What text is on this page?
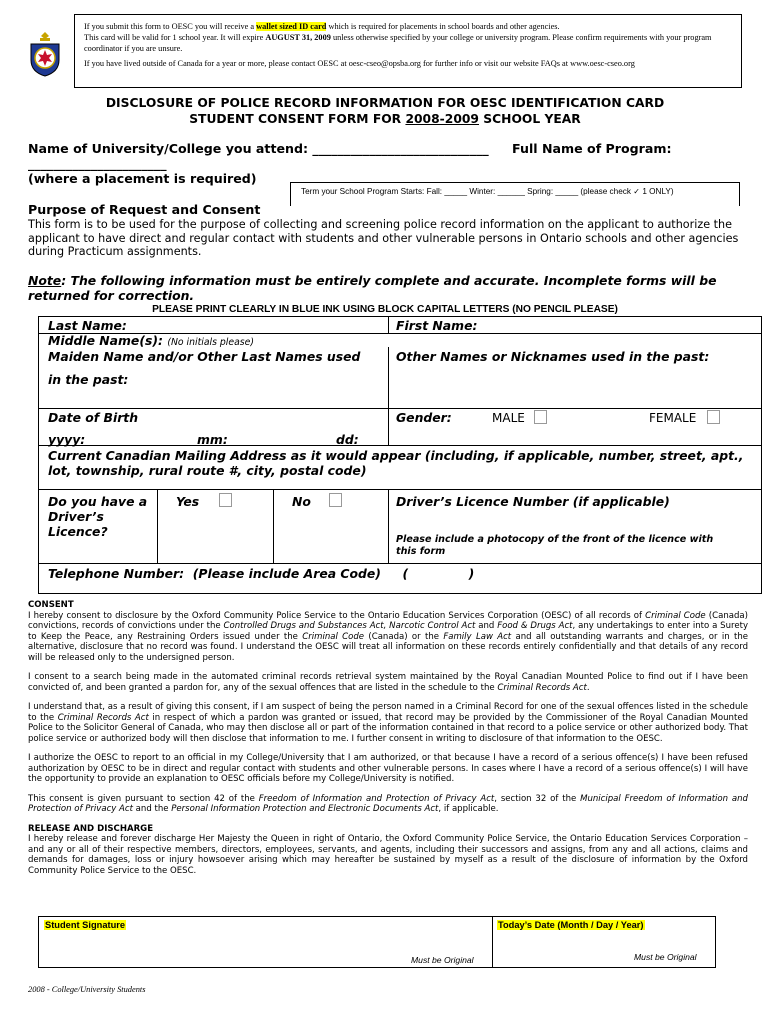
If you submit this form to OESC you will receive a wallet sized ID card which is required for placements in school boards and other agencies.
This card will be valid for 1 school year. It will expire AUGUST 31, 2009 unless otherwise specified by your college or university program. Please confirm requirements with your program coordinator if you are unsure.

If you have lived outside of Canada for a year or more, please contact OESC at oesc-cseo@opsba.org for further info or visit our website FAQs at www.oesc-cseo.org

DISCLOSURE OF POLICE RECORD INFORMATION FOR OESC IDENTIFICATION CARD
STUDENT CONSENT FORM FOR 2008-2009 SCHOOL YEAR
Name of University/College you attend: ____________________________ Full Name of Program:
______________________
(where a placement is required)
Term your School Program Starts: Fall: _____ Winter: ______ Spring: _____ (please check ✓ 1 ONLY)
Purpose of Request and Consent
This form is to be used for the purpose of collecting and screening police record information on the applicant to authorize the applicant to have direct and regular contact with students and other vulnerable persons in Ontario schools and other agencies during Practicum assignments.
Note: The following information must be entirely complete and accurate. Incomplete forms will be returned for correction.
PLEASE PRINT CLEARLY IN BLUE INK USING BLOCK CAPITAL LETTERS (NO PENCIL PLEASE)
Last Name:	First Name:
Middle Name(s): (No initials please)
Maiden Name and/or Other Last Names used
in the past:
Other Names or Nicknames used in the past:
Date of Birth	Gender:	MALE	FEMALE
yyyy:	mm:	dd:
Current Canadian Mailing Address as it would appear (including, if applicable, number, street, apt., lot, township, rural route #, city, postal code)
Do you have a
Driver’s
Licence?
Yes	No	Driver’s Licence Number (if applicable)
Please include a photocopy of the front of the licence with this form
Telephone Number:  (Please include Area Code)     (              )
CONSENT
I hereby consent to disclosure by the Oxford Community Police Service to the Ontario Education Services Corporation (OESC) of all records of Criminal Code (Canada) convictions, records of convictions under the Controlled Drugs and Substances Act, Narcotic Control Act and Food & Drugs Act, any undertakings to enter into a Surety to Keep the Peace, any Restraining Orders issued under the Criminal Code (Canada) or the Family Law Act and all outstanding warrants and charges, or in the alternative, disclosure that no record was found. I understand the OESC will treat all information on these records entirely confidentially and that details of any record will be released only to the undersigned person.
I consent to a search being made in the automated criminal records retrieval system maintained by the Royal Canadian Mounted Police to find out if I have been convicted of, and been granted a pardon for, any of the sexual offences that are listed in the schedule to the Criminal Records Act.
I understand that, as a result of giving this consent, if I am suspect of being the person named in a Criminal Record for one of the sexual offences listed in the schedule to the Criminal Records Act in respect of which a pardon was granted or issued, that record may be provided by the Commissioner of the Royal Canadian Mounted Police to the Solicitor General of Canada, who may then disclose all or part of the information contained in that record to a police service or other authorized body. That police service or authorized body will then disclose that information to me. I further consent in writing to disclosure of that information to the OESC.
I authorize the OESC to report to an official in my College/University that I am authorized, or that because I have a record of a serious offence(s) I have been refused authorization by OESC to be in direct and regular contact with students and other vulnerable persons. In cases where I have a record of a serious offence(s) I will have the opportunity to provide an explanation to OESC officials before my College/University is notified.
This consent is given pursuant to section 42 of the Freedom of Information and Protection of Privacy Act, section 32 of the Municipal Freedom of Information and Protection of Privacy Act and the Personal Information Protection and Electronic Documents Act, if applicable.
RELEASE AND DISCHARGE
I hereby release and forever discharge Her Majesty the Queen in right of Ontario, the Oxford Community Police Service, the Ontario Education Services Corporation – and any or all of their respective members, directors, employees, servants, and agents, including their successors and assigns, from any and all actions, claims and demands for damages, loss or injury howsoever arising which may hereafter be sustained by myself as a result of the disclosure of information by the Oxford Community Police Service to the OESC.
Student Signature	Today’s Date (Month / Day / Year)
Must be Original	Must be Original
2008 - College/University Students
